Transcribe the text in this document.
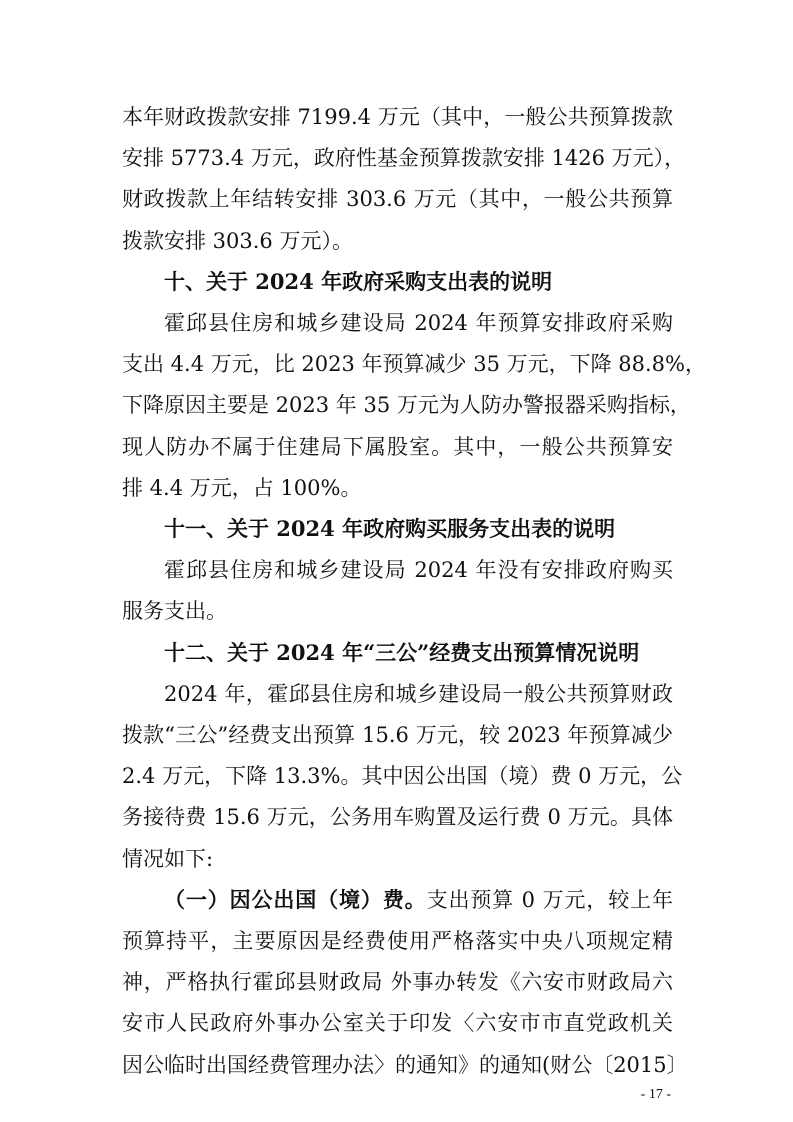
本年财政拨款安排 7199.4 万元（其中，一般公共预算拨款
安排 5773.4 万元，政府性基金预算拨款安排 1426 万元），
财政拨款上年结转安排 303.6 万元（其中，一般公共预算
拨款安排 303.6 万元）。
十、关于 2024 年政府采购支出表的说明
霍邱县住房和城乡建设局 2024 年预算安排政府采购
支出 4.4 万元，比 2023 年预算减少 35 万元，下降 88.8%，
下降原因主要是 2023 年 35 万元为人防办警报器采购指标，
现人防办不属于住建局下属股室。其中，一般公共预算安
排 4.4 万元，占 100%。
十一、关于 2024 年政府购买服务支出表的说明
霍邱县住房和城乡建设局 2024 年没有安排政府购买
服务支出。
十二、关于 2024 年“三公”经费支出预算情况说明
2024 年，霍邱县住房和城乡建设局一般公共预算财政
拨款“三公”经费支出预算 15.6 万元，较 2023 年预算减少
2.4 万元，下降 13.3%。其中因公出国（境）费 0 万元，公
务接待费 15.6 万元，公务用车购置及运行费 0 万元。具体
情况如下:
（一）因公出国（境）费。支出预算 0 万元，较上年
预算持平，主要原因是经费使用严格落实中央八项规定精
神，严格执行霍邱县财政局 外事办转发《六安市财政局六
安市人民政府外事办公室关于印发〈六安市市直党政机关
- 17 -
因公临时出国经费管理办法〉的通知》的通知(财公〔2015〕
